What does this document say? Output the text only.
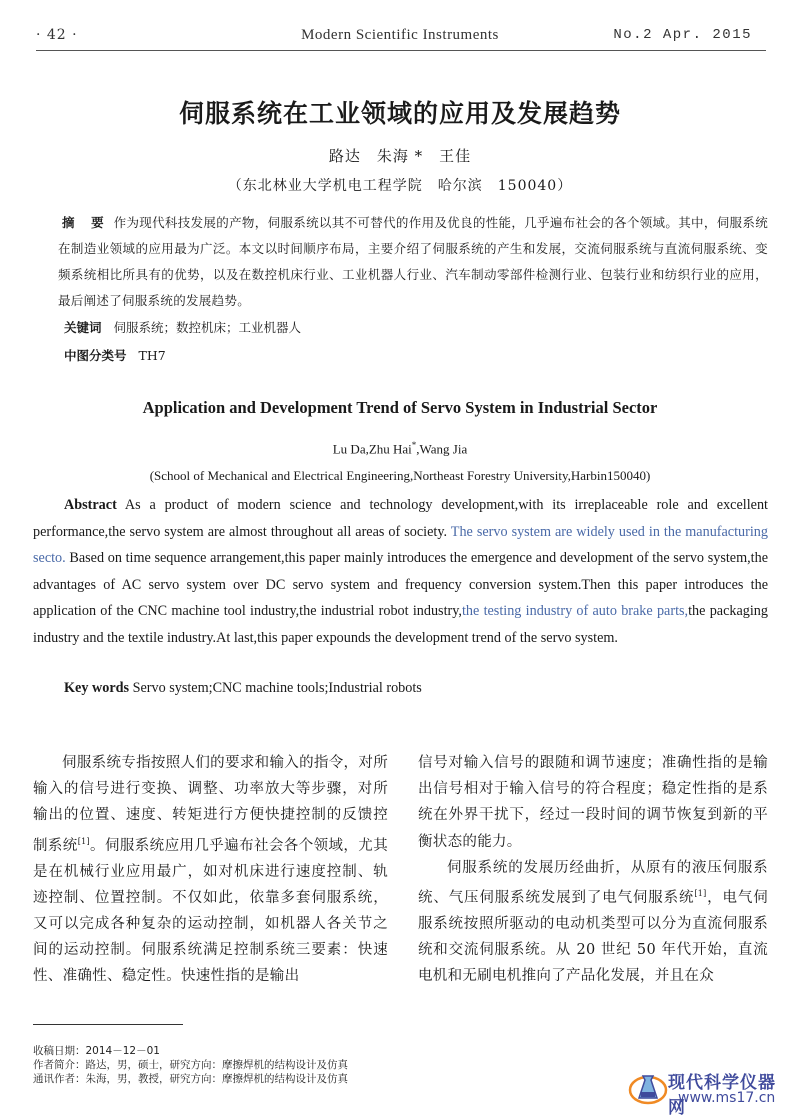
· 42 ·	Modern Scientific Instruments	No.2 Apr. 2015
伺服系统在工业领域的应用及发展趋势
路达　朱海 *　王佳
（东北林业大学机电工程学院　哈尔滨　150040）
摘　要 作为现代科技发展的产物，伺服系统以其不可替代的作用及优良的性能，几乎遍布社会的各个领域。其中，伺服系统在制造业领域的应用最为广泛。本文以时间顺序布局，主要介绍了伺服系统的产生和发展，交流伺服系统与直流伺服系统、变频系统相比所具有的优势，以及在数控机床行业、工业机器人行业、汽车制动零部件检测行业、包装行业和纺织行业的应用，最后阐述了伺服系统的发展趋势。
关键词 伺服系统；数控机床；工业机器人
中图分类号 TH7
Application and Development Trend of Servo System in Industrial Sector
Lu Da,Zhu Hai*,Wang Jia
(School of Mechanical and Electrical Engineering,Northeast Forestry University,Harbin150040)
Abstract As a product of modern science and technology development,with its irreplaceable role and excellent performance,the servo system are almost throughout all areas of society. The servo system are widely used in the manufacturing secto. Based on time sequence arrangement,this paper mainly introduces the emergence and development of the servo system,the advantages of AC servo system over DC servo system and frequency conversion system.Then this paper introduces the application of the CNC machine tool industry,the industrial robot industry,the testing industry of auto brake parts,the packaging industry and the textile industry.At last,this paper expounds the development trend of the servo system.
Key words Servo system;CNC machine tools;Industrial robots

伺服系统专指按照人们的要求和输入的指令，对所输入的信号进行变换、调整、功率放大等步骤，对所输出的位置、速度、转矩进行方便快捷控制的反馈控制系统[1]。伺服系统应用几乎遍布社会各个领域，尤其是在机械行业应用最广，如对机床进行速度控制、轨迹控制、位置控制。不仅如此，依靠多套伺服系统，又可以完成各种复杂的运动控制，如机器人各关节之间的运动控制。伺服系统满足控制系统三要素：快速性、准确性、稳定性。快速性指的是输出

信号对输入信号的跟随和调节速度；准确性指的是输出信号相对于输入信号的符合程度；稳定性指的是系统在外界干扰下，经过一段时间的调节恢复到新的平衡状态的能力。

伺服系统的发展历经曲折，从原有的液压伺服系统、气压伺服系统发展到了电气伺服系统[1]，电气伺服系统按照所驱动的电动机类型可以分为直流伺服系统和交流伺服系统。从 20 世纪 50 年代开始，直流电机和无刷电机推向了产品化发展，并且在众

收稿日期：2014－12－01
作者简介：路达，男，硕士，研究方向：摩擦焊机的结构设计及仿真
通讯作者：朱海，男，教授，研究方向：摩擦焊机的结构设计及仿真	现代科学仪器网
www.ms17.cn
